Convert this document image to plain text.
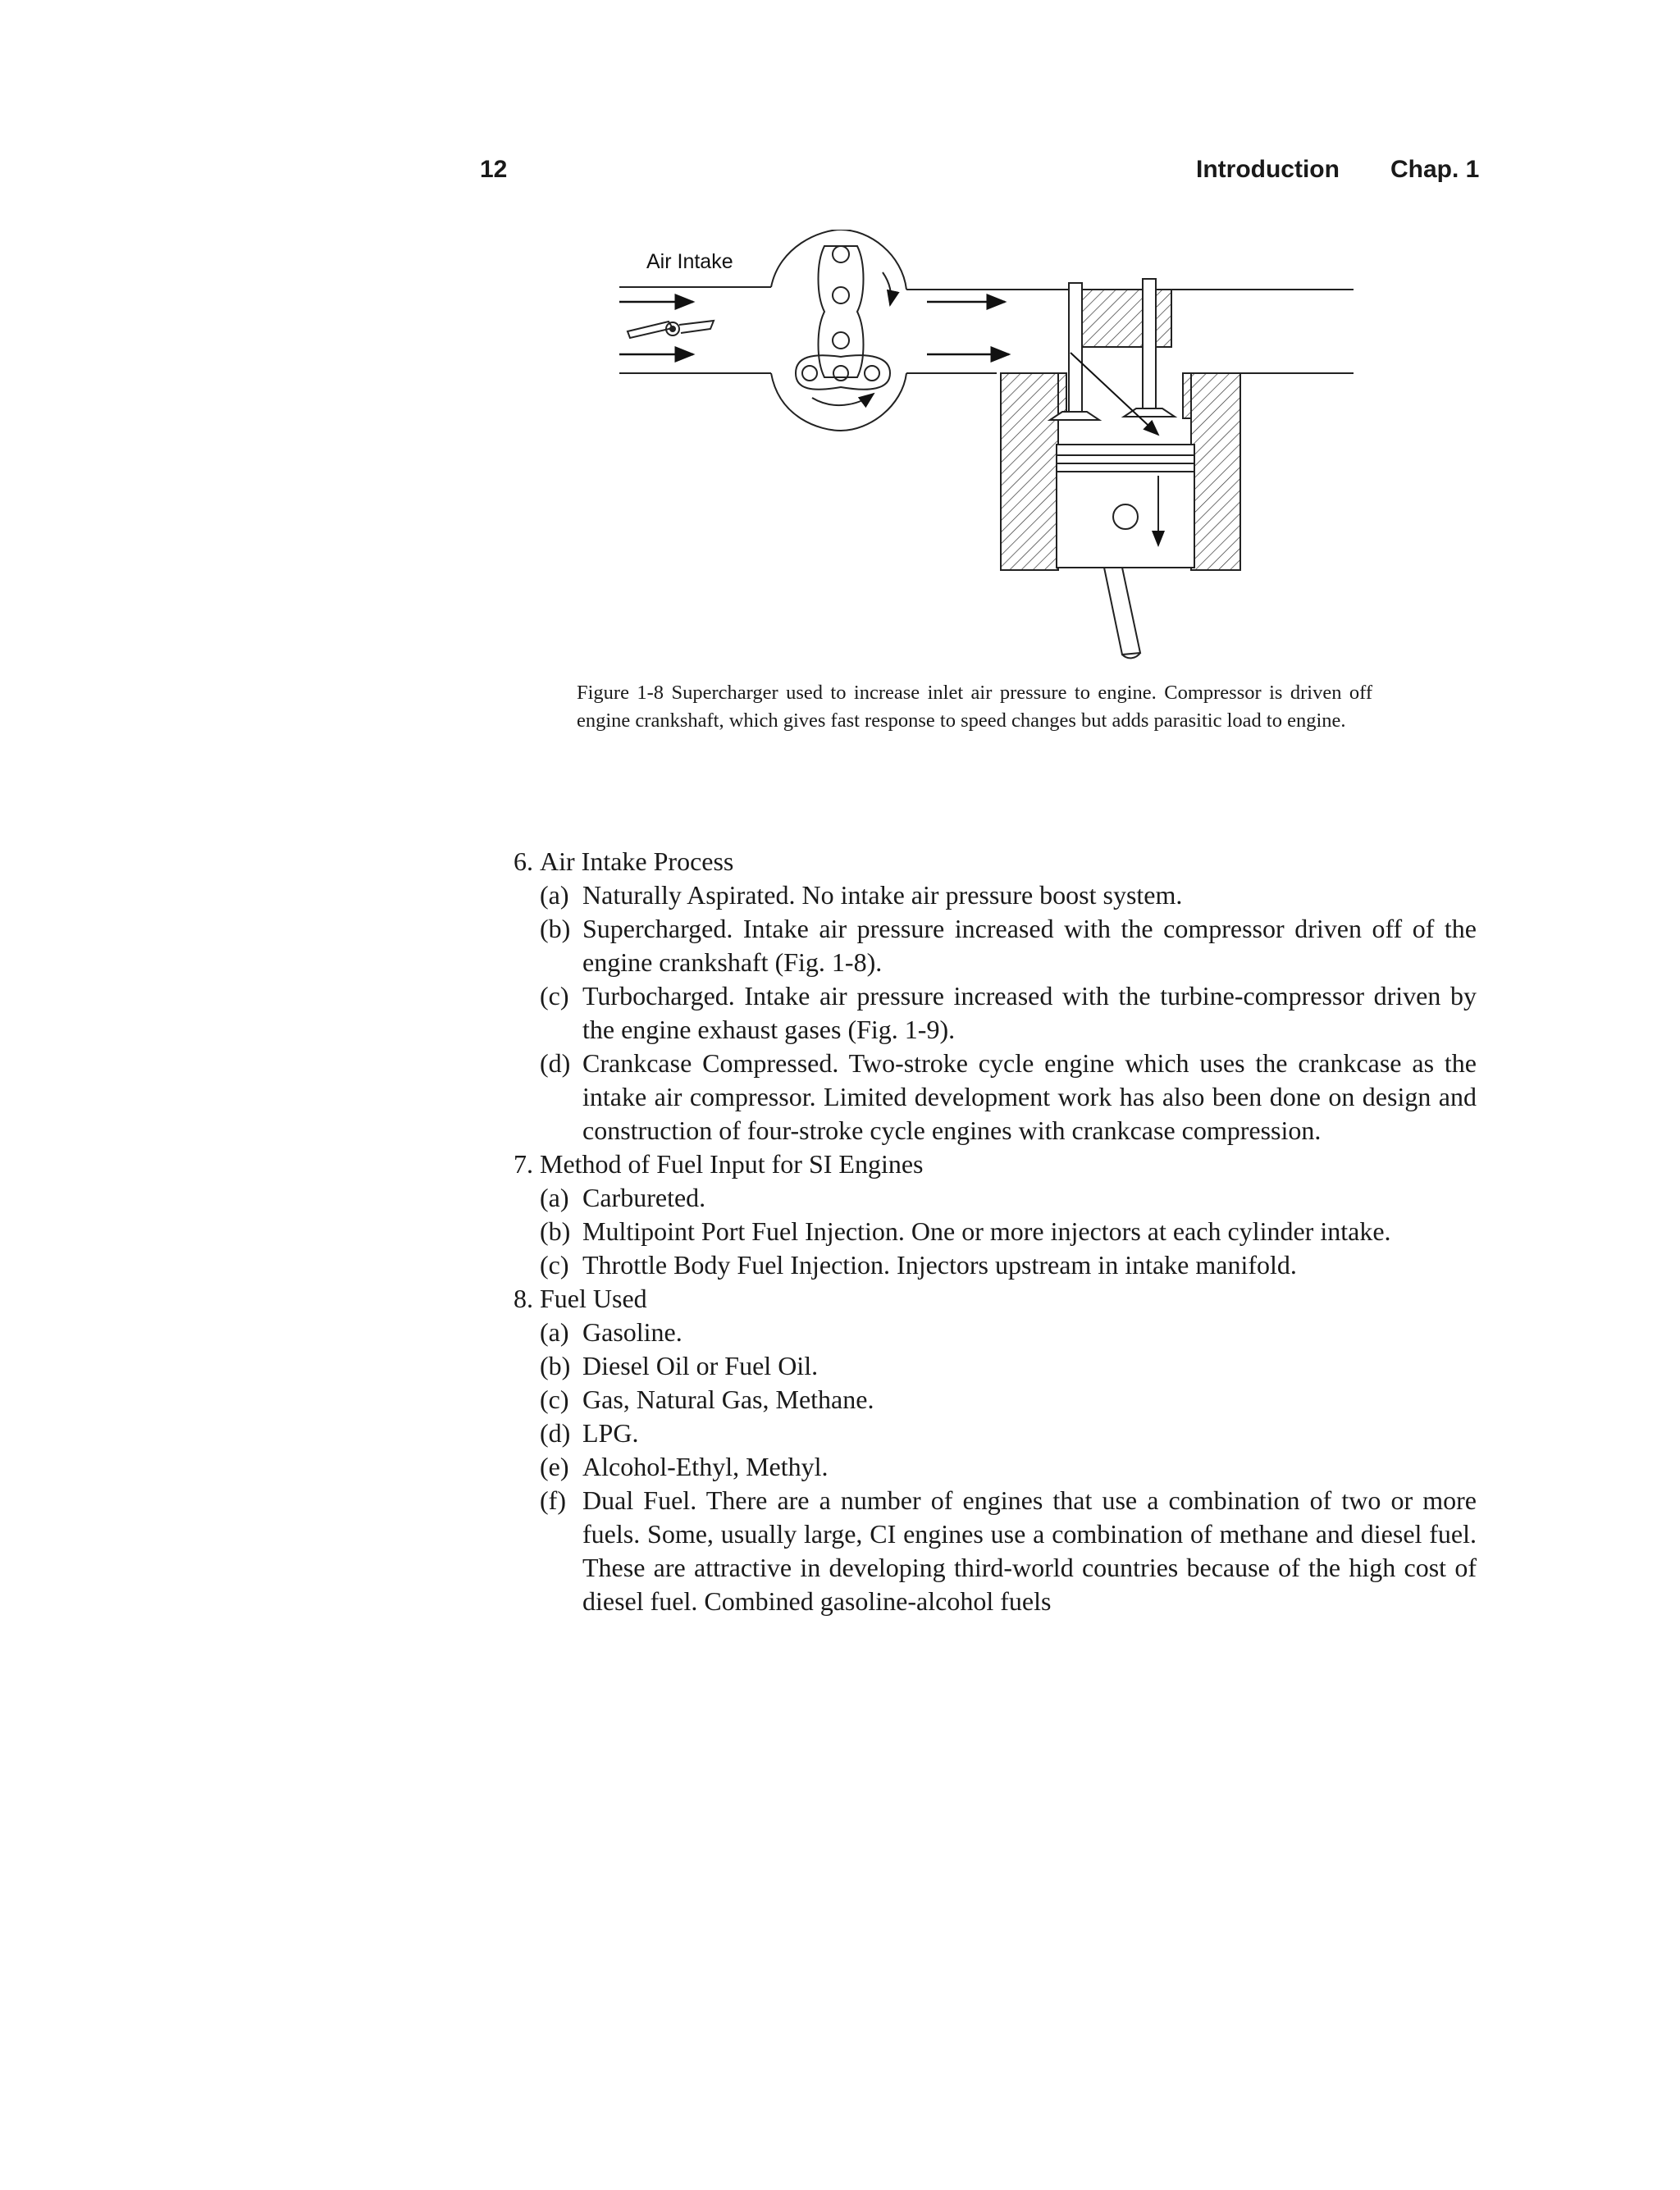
12	Introduction Chap. 1
Air Intake

Figure 1-8 Supercharger used to increase inlet air pressure to engine. Compressor is driven off engine crankshaft, which gives fast response to speed changes but adds parasitic load to engine.

6. Air Intake Process
(a) Naturally Aspirated. No intake air pressure boost system.
(b) Supercharged. Intake air pressure increased with the compressor driven off of the engine crankshaft (Fig. 1-8).
(c) Turbocharged. Intake air pressure increased with the turbine-compressor driven by the engine exhaust gases (Fig. 1-9).
(d) Crankcase Compressed. Two-stroke cycle engine which uses the crankcase as the intake air compressor. Limited development work has also been done on design and construction of four-stroke cycle engines with crankcase compression.
7. Method of Fuel Input for SI Engines
(a) Carbureted.
(b) Multipoint Port Fuel Injection. One or more injectors at each cylinder intake.
(c) Throttle Body Fuel Injection. Injectors upstream in intake manifold.
8. Fuel Used
(a) Gasoline.
(b) Diesel Oil or Fuel Oil.
(c) Gas, Natural Gas, Methane.
(d) LPG.
(e) Alcohol-Ethyl, Methyl.
(f) Dual Fuel. There are a number of engines that use a combination of two or more fuels. Some, usually large, CI engines use a combination of methane and diesel fuel. These are attractive in developing third-world countries because of the high cost of diesel fuel. Combined gasoline-alcohol fuels
